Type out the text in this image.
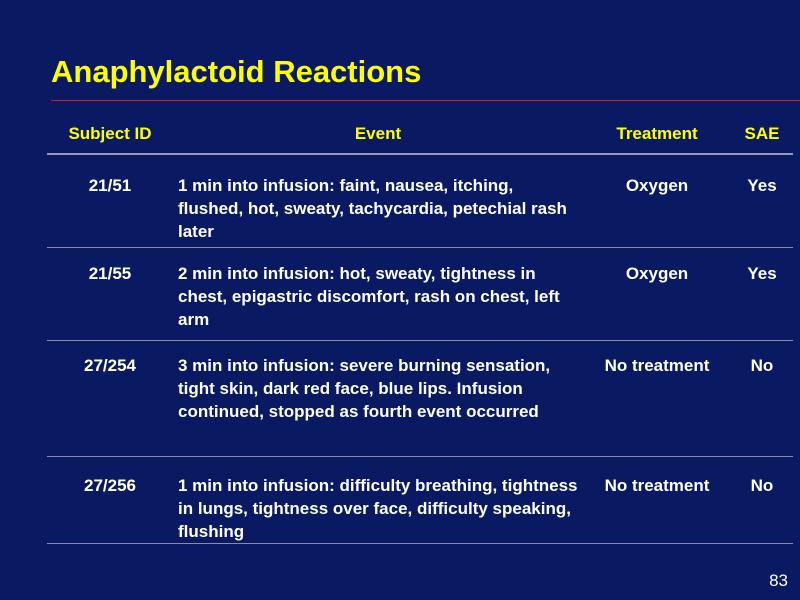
Anaphylactoid Reactions
Subject ID	Event	Treatment	SAE
21/51	1 min into infusion: faint, nausea, itching, flushed, hot, sweaty, tachycardia, petechial rash later	Oxygen	Yes
21/55	2 min into infusion: hot, sweaty, tightness in chest, epigastric discomfort, rash on chest, left arm	Oxygen	Yes
27/254	3 min into infusion: severe burning sensation, tight skin, dark red face, blue lips. Infusion continued, stopped as fourth event occurred	No treatment	No
27/256	1 min into infusion: difficulty breathing, tightness in lungs, tightness over face, difficulty speaking, flushing	No treatment	No
83
